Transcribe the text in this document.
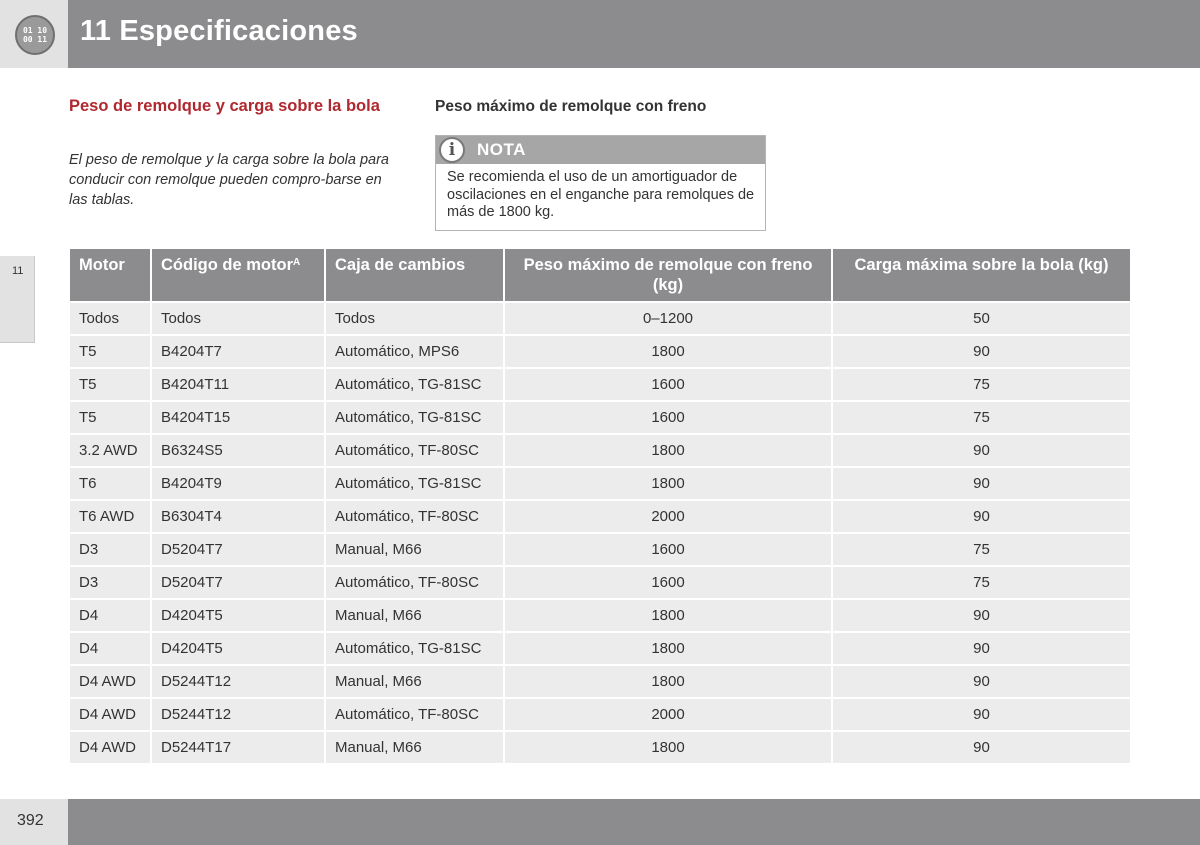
01 10
00 11 11 Especificaciones
11
Peso de remolque y carga sobre la bola
El peso de remolque y la carga sobre la bola para conducir con remolque pueden compro-barse en las tablas.
Peso máximo de remolque con freno
i	NOTA
Se recomienda el uso de un amortiguador de oscilaciones en el enganche para remolques de más de 1800 kg.
Motor	Código de motor$^A$	Caja de cambios	Peso máximo de remolque con freno (kg)	Carga máxima sobre la bola (kg)
Todos	Todos	Todos	0–1200	50
T5	B4204T7	Automático, MPS6	1800	90
T5	B4204T11	Automático, TG-81SC	1600	75
T5	B4204T15	Automático, TG-81SC	1600	75
3.2 AWD	B6324S5	Automático, TF-80SC	1800	90
T6	B4204T9	Automático, TG-81SC	1800	90
T6 AWD	B6304T4	Automático, TF-80SC	2000	90
D3	D5204T7	Manual, M66	1600	75
D3	D5204T7	Automático, TF-80SC	1600	75
D4	D4204T5	Manual, M66	1800	90
D4	D4204T5	Automático, TG-81SC	1800	90
D4 AWD	D5244T12	Manual, M66	1800	90
D4 AWD	D5244T12	Automático, TF-80SC	2000	90
D4 AWD	D5244T17	Manual, M66	1800	90
392
